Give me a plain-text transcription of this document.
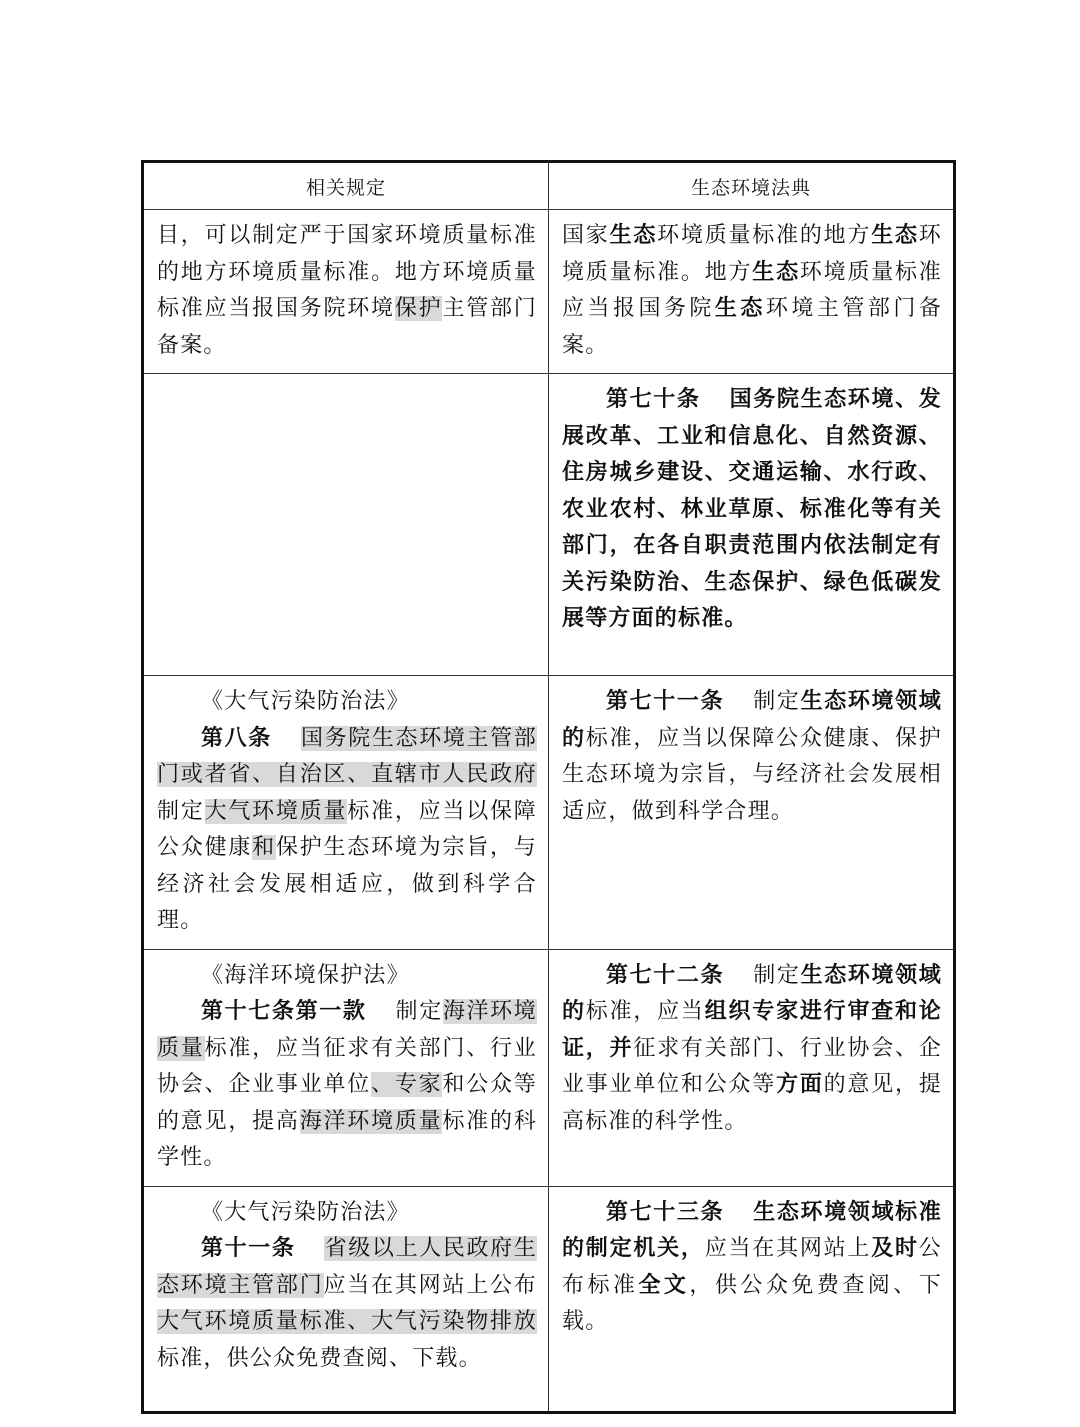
相关规定	生态环境法典

目，可以制定严于国家环境质量标准的地方环境质量标准。地方环境质量标准应当报国务院环境保护主管部门备案。	国家生态环境质量标准的地方生态环境质量标准。地方生态环境质量标准应当报国务院生态环境主管部门备案。

	第七十条 国务院生态环境、发展改革、工业和信息化、自然资源、住房城乡建设、交通运输、水行政、农业农村、林业草原、标准化等有关部门，在各自职责范围内依法制定有关污染防治、生态保护、绿色低碳发展等方面的标准。

《大气污染防治法》

第八条 国务院生态环境主管部门或者省、自治区、直辖市人民政府制定大气环境质量标准，应当以保障公众健康和保护生态环境为宗旨，与经济社会发展相适应，做到科学合理。	第七十一条 制定生态环境领域的标准，应当以保障公众健康、保护生态环境为宗旨，与经济社会发展相适应，做到科学合理。

《海洋环境保护法》

第十七条第一款 制定海洋环境质量标准，应当征求有关部门、行业协会、企业事业单位、专家和公众等的意见，提高海洋环境质量标准的科学性。	第七十二条 制定生态环境领域的标准，应当组织专家进行审查和论证，并征求有关部门、行业协会、企业事业单位和公众等方面的意见，提高标准的科学性。

《大气污染防治法》

第十一条 省级以上人民政府生态环境主管部门应当在其网站上公布大气环境质量标准、大气污染物排放标准，供公众免费查阅、下载。	第七十三条 生态环境领域标准的制定机关，应当在其网站上及时公布标准全文，供公众免费查阅、下载。
